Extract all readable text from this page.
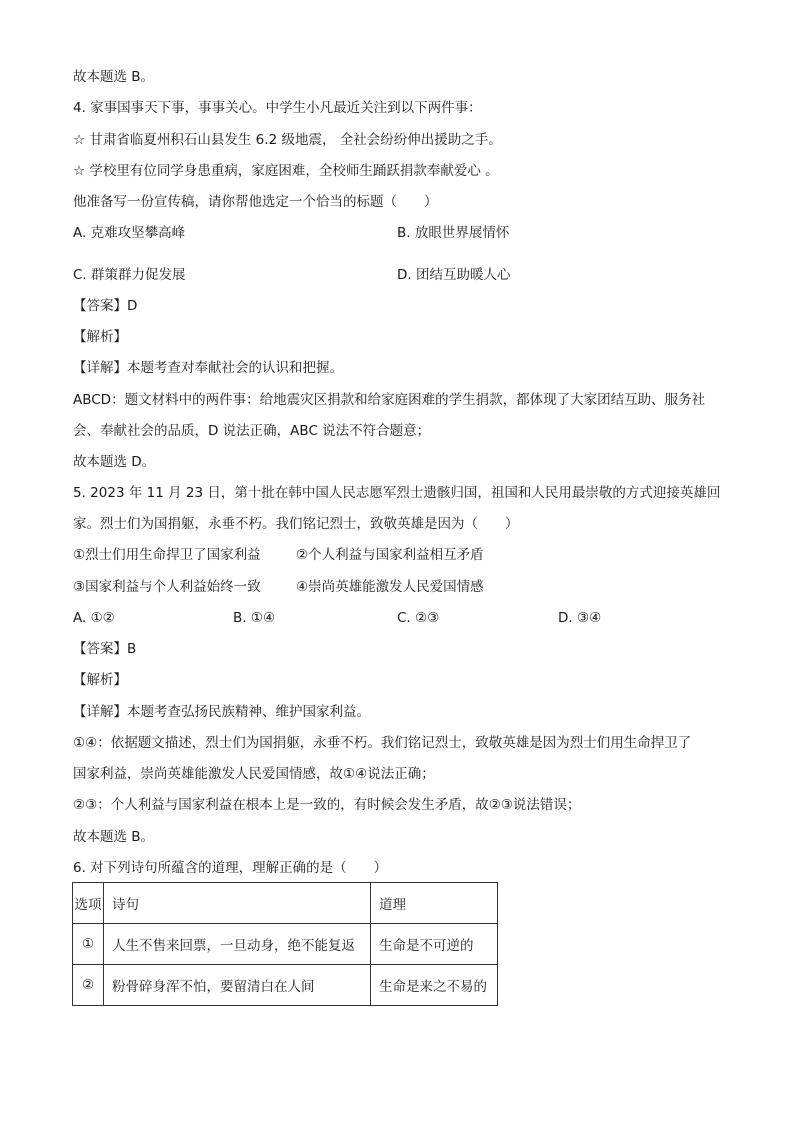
故本题选 B。
4. 家事国事天下事，事事关心。中学生小凡最近关注到以下两件事：
☆ 甘肃省临夏州积石山县发生 6.2 级地震， 全社会纷纷伸出援助之手。
☆ 学校里有位同学身患重病，家庭困难，全校师生踊跃捐款奉献爱心 。
他准备写一份宣传稿，请你帮他选定一个恰当的标题（　　）
A. 克难攻坚攀高峰	B. 放眼世界展情怀
C. 群策群力促发展	D. 团结互助暖人心
【答案】D
【解析】
【详解】本题考查对奉献社会的认识和把握。
ABCD：题文材料中的两件事：给地震灾区捐款和给家庭困难的学生捐款，都体现了大家团结互助、服务社
会、奉献社会的品质，D 说法正确，ABC 说法不符合题意；
故本题选 D。
5. 2023 年 11 月 23 日，第十批在韩中国人民志愿军烈士遗骸归国，祖国和人民用最崇敬的方式迎接英雄回
家。烈士们为国捐躯，永垂不朽。我们铭记烈士，致敬英雄是因为（　　）
①烈士们用生命捍卫了国家利益	②个人利益与国家利益相互矛盾
③国家利益与个人利益始终一致	④崇尚英雄能激发人民爱国情感
A. ①②	B. ①④	C. ②③	D. ③④
【答案】B
【解析】
【详解】本题考查弘扬民族精神、维护国家利益。
①④：依据题文描述，烈士们为国捐躯，永垂不朽。我们铭记烈士，致敬英雄是因为烈士们用生命捍卫了
国家利益，崇尚英雄能激发人民爱国情感，故①④说法正确；
②③：个人利益与国家利益在根本上是一致的，有时候会发生矛盾，故②③说法错误；
故本题选 B。
6. 对下列诗句所蕴含的道理，理解正确的是（　　）
选项	诗句	道理
①	人生不售来回票，一旦动身，绝不能复返	生命是不可逆的
②	粉骨碎身浑不怕，要留清白在人间	生命是来之不易的
